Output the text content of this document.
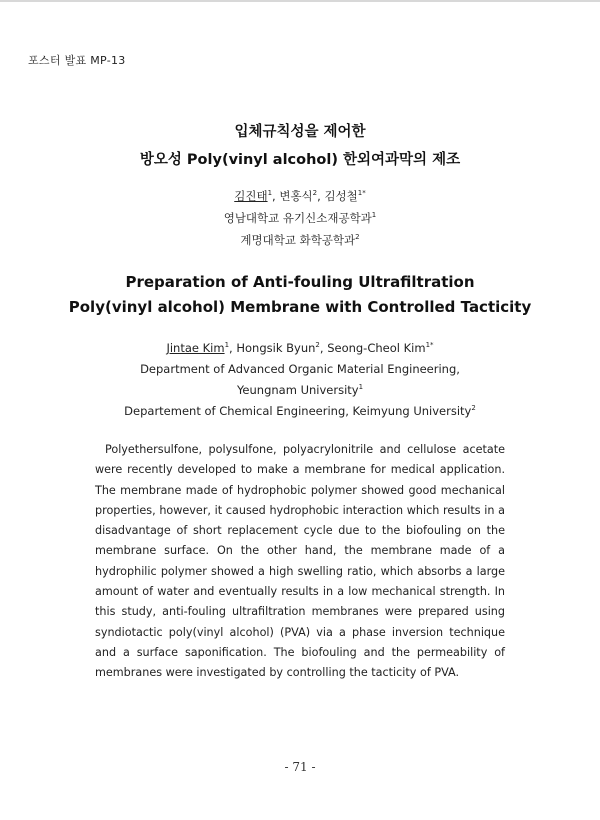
포스터 발표 MP-13
입체규칙성을 제어한
방오성 Poly(vinyl alcohol) 한외여과막의 제조
김진태$^1$, 변홍식$^2$, 김성철$^{1*}$
영남대학교 유기신소재공학과$^1$
계명대학교 화학공학과$^2$
Preparation of Anti-fouling Ultrafiltration
Poly(vinyl alcohol) Membrane with Controlled Tacticity
Jintae Kim$^1$, Hongsik Byun$^2$, Seong-Cheol Kim$^{1*}$
Department of Advanced Organic Material Engineering,
Yeungnam University$^1$
Departement of Chemical Engineering, Keimyung University$^2$

Polyethersulfone, polysulfone, polyacrylonitrile and cellulose acetate were recently developed to make a membrane for medical application. The membrane made of hydrophobic polymer showed good mechanical properties, however, it caused hydrophobic interaction which results in a disadvantage of short replacement cycle due to the biofouling on the membrane surface. On the other hand, the membrane made of a hydrophilic polymer showed a high swelling ratio, which absorbs a large amount of water and eventually results in a low mechanical strength. In this study, anti-fouling ultrafiltration membranes were prepared using syndiotactic poly(vinyl alcohol) (PVA) via a phase inversion technique and a surface saponification. The biofouling and the permeability of membranes were investigated by controlling the tacticity of PVA.

- 71 -
